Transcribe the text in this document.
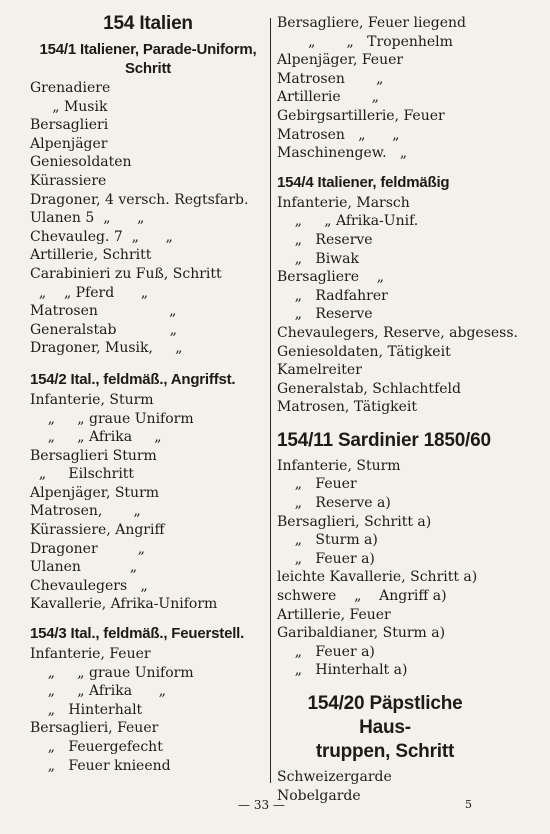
154 Italien
154/1 Italiener, Parade-Uniform,
Schritt
Grenadiere
„ Musik
Bersaglieri
Alpenjäger
Geniesoldaten
Kürassiere
Dragoner, 4 versch. Regtsfarb.
Ulanen 5  „      „
Chevauleg. 7  „      „
Artillerie, Schritt
Carabinieri zu Fuß, Schritt
„    „ Pferd      „
Matrosen                „
Generalstab            „
Dragoner, Musik,     „
154/2 Ital., feldmäß., Angriffst.
Infanterie, Sturm
„     „ graue Uniform
„     „ Afrika     „
Bersaglieri Sturm
„     Eilschritt
Alpenjäger, Sturm
Matrosen,       „
Kürassiere, Angriff
Dragoner         „
Ulanen           „
Chevaulegers   „
Kavallerie, Afrika-Uniform
154/3 Ital., feldmäß., Feuerstell.
Infanterie, Feuer
„     „ graue Uniform
„     „ Afrika      „
„   Hinterhalt
Bersaglieri, Feuer
„   Feuergefecht
„   Feuer knieend
Bersagliere, Feuer liegend
„       „   Tropenhelm
Alpenjäger, Feuer
Matrosen       „
Artillerie       „
Gebirgsartillerie, Feuer
Matrosen   „      „
Maschinengew.   „
154/4 Italiener, feldmäßig
Infanterie, Marsch
„     „ Afrika-Unif.
„   Reserve
„   Biwak
Bersagliere    „
„   Radfahrer
„   Reserve
Chevaulegers, Reserve, abgesess.
Geniesoldaten, Tätigkeit
Kamelreiter
Generalstab, Schlachtfeld
Matrosen, Tätigkeit
154/11 Sardinier 1850/60
Infanterie, Sturm
„   Feuer
„   Reserve a)
Bersaglieri, Schritt a)
„   Sturm a)
„   Feuer a)
leichte Kavallerie, Schritt a)
schwere    „    Angriff a)
Artillerie, Feuer
Garibaldianer, Sturm a)
„   Feuer a)
„   Hinterhalt a)
154/20 Päpstliche Haus-
truppen, Schritt
Schweizergarde
Nobelgarde
— 33 —	5
